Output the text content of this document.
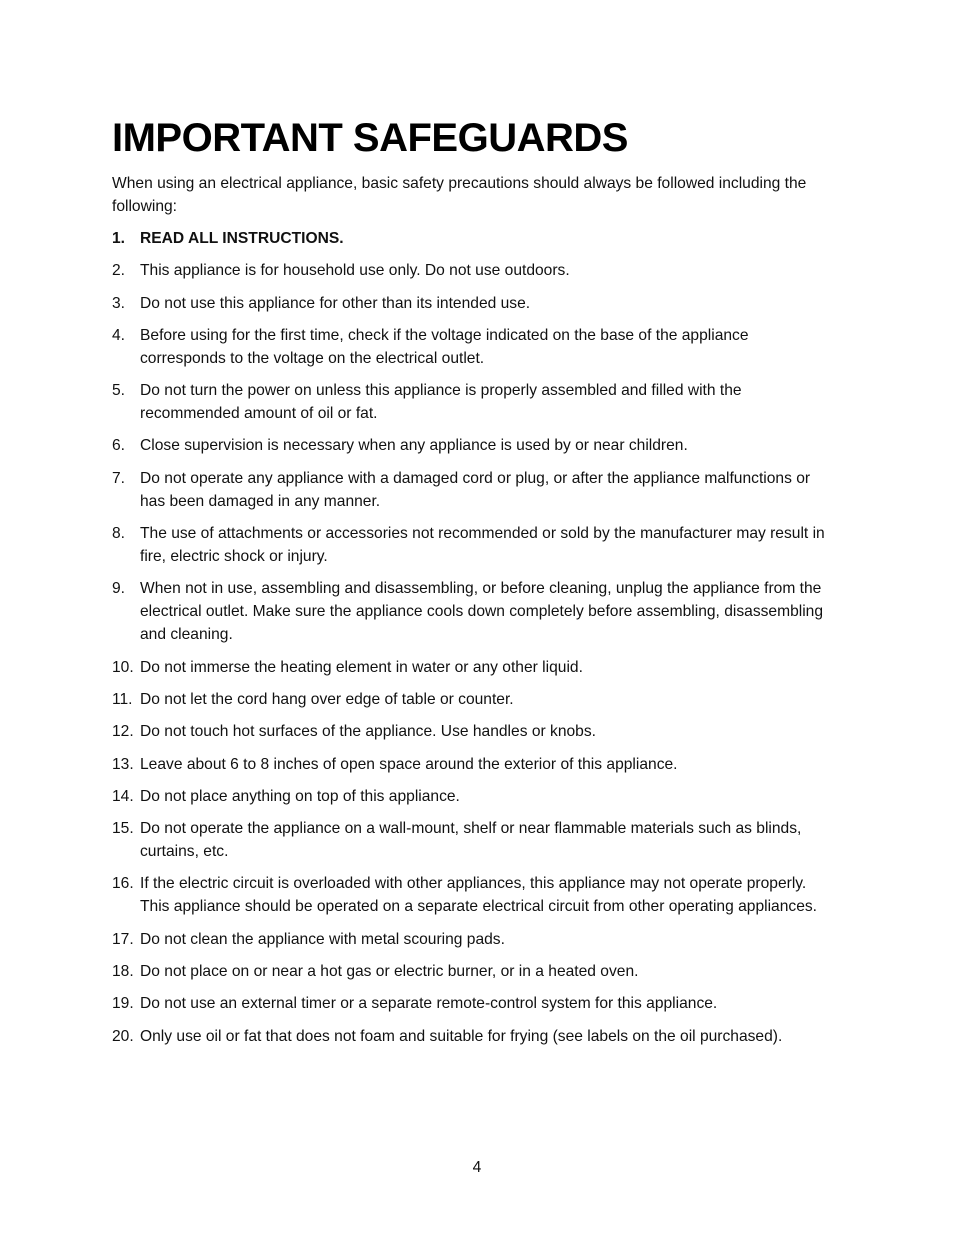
IMPORTANT SAFEGUARDS

When using an electrical appliance, basic safety precautions should always be followed including the following:

1. READ ALL INSTRUCTIONS.
2. This appliance is for household use only. Do not use outdoors.
3. Do not use this appliance for other than its intended use.
4. Before using for the first time, check if the voltage indicated on the base of the appliance corresponds to the voltage on the electrical outlet.
5. Do not turn the power on unless this appliance is properly assembled and filled with the recommended amount of oil or fat.
6. Close supervision is necessary when any appliance is used by or near children.
7. Do not operate any appliance with a damaged cord or plug, or after the appliance malfunctions or has been damaged in any manner.
8. The use of attachments or accessories not recommended or sold by the manufacturer may result in fire, electric shock or injury.
9. When not in use, assembling and disassembling, or before cleaning, unplug the appliance from the electrical outlet. Make sure the appliance cools down completely before assembling, disassembling and cleaning.
10. Do not immerse the heating element in water or any other liquid.
11. Do not let the cord hang over edge of table or counter.
12. Do not touch hot surfaces of the appliance. Use handles or knobs.
13. Leave about 6 to 8 inches of open space around the exterior of this appliance.
14. Do not place anything on top of this appliance.
15. Do not operate the appliance on a wall-mount, shelf or near flammable materials such as blinds, curtains, etc.
16. If the electric circuit is overloaded with other appliances, this appliance may not operate properly. This appliance should be operated on a separate electrical circuit from other operating appliances.
17. Do not clean the appliance with metal scouring pads.
18. Do not place on or near a hot gas or electric burner, or in a heated oven.
19. Do not use an external timer or a separate remote-control system for this appliance.
20. Only use oil or fat that does not foam and suitable for frying (see labels on the oil purchased).
4
